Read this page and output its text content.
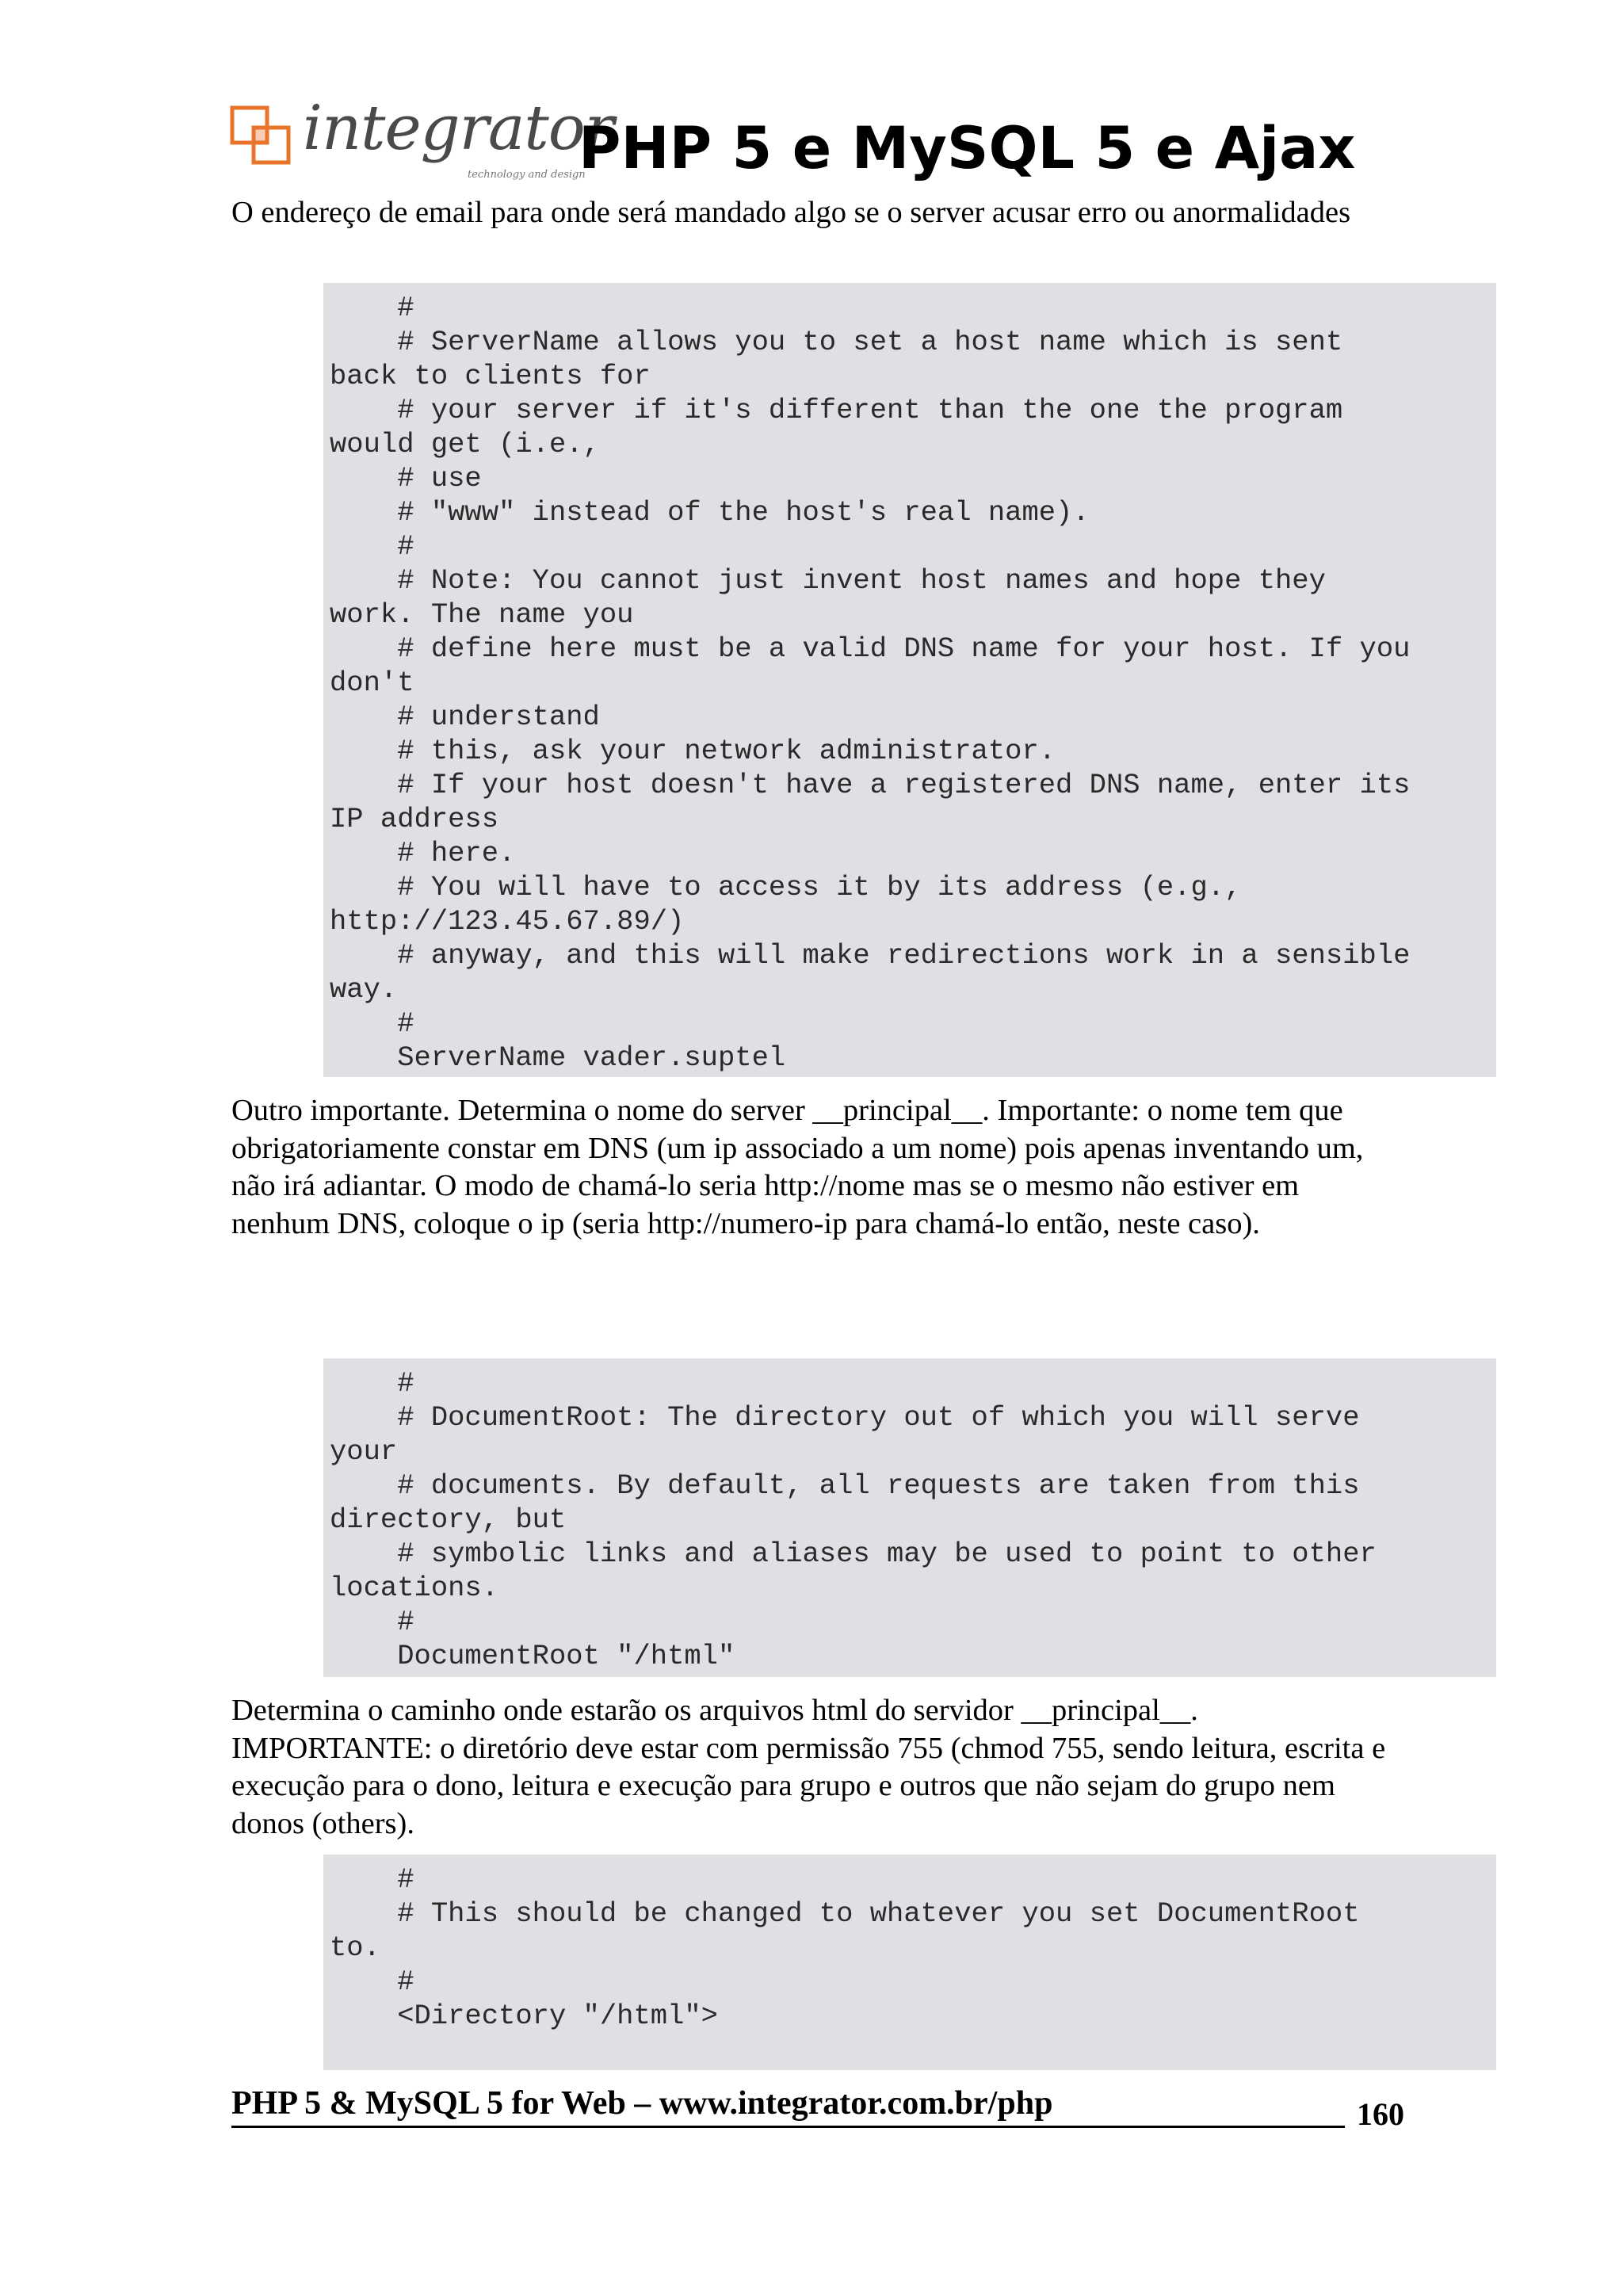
integrator
technology and design
PHP 5 e MySQL 5 e Ajax

O endereço de email para onde será mandado algo se o server acusar erro ou anormalidades

#
# ServerName allows you to set a host name which is sent
back to clients for
# your server if it's different than the one the program
would get (i.e.,
# use
# "www" instead of the host's real name).
#
# Note: You cannot just invent host names and hope they
work. The name you
# define here must be a valid DNS name for your host. If you
don't
# understand
# this, ask your network administrator.
# If your host doesn't have a registered DNS name, enter its
IP address
# here.
# You will have to access it by its address (e.g.,
http://123.45.67.89/)
# anyway, and this will make redirections work in a sensible
way.
#
ServerName vader.suptel

Outro importante. Determina o nome do server __principal__. Importante: o nome tem que obrigatoriamente constar em DNS (um ip associado a um nome) pois apenas inventando um, não irá adiantar. O modo de chamá-lo seria http://nome mas se o mesmo não estiver em nenhum DNS, coloque o ip (seria http://numero-ip para chamá-lo então, neste caso).

#
# DocumentRoot: The directory out of which you will serve
your
# documents. By default, all requests are taken from this
directory, but
# symbolic links and aliases may be used to point to other
locations.
#
DocumentRoot "/html"

Determina o caminho onde estarão os arquivos html do servidor __principal__. IMPORTANTE: o diretório deve estar com permissão 755 (chmod 755, sendo leitura, escrita e execução para o dono, leitura e execução para grupo e outros que não sejam do grupo nem donos (others).

#
# This should be changed to whatever you set DocumentRoot
to.
#
<Directory "/html">
PHP 5 & MySQL 5 for Web – www.integrator.com.br/php	160
